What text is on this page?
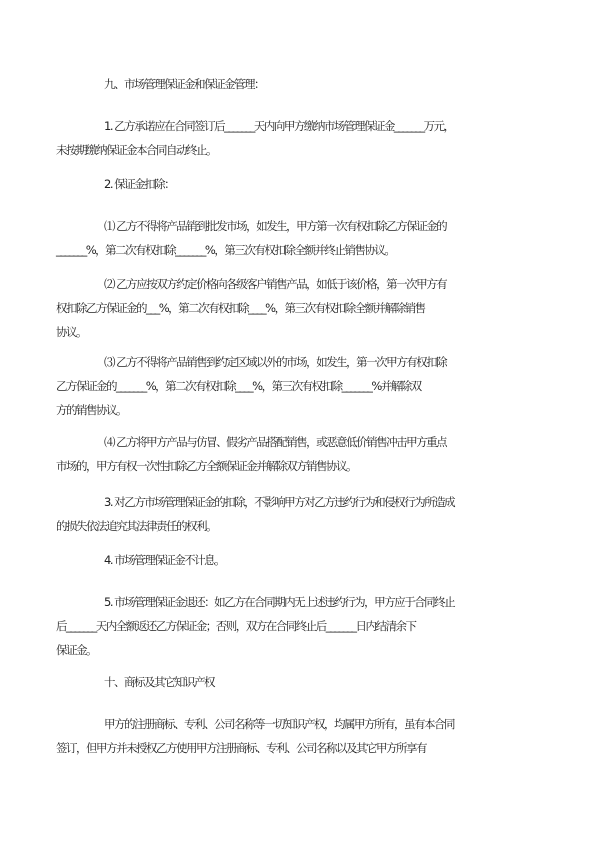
九、市场管理保证金和保证金管理：
1. 乙方承诺应在合同签订后_______天内向甲方缴纳市场管理保证金_______万元，
未按期缴纳保证金本合同自动终止。
2. 保证金扣除：
⑴ 乙方不得将产品销到批发市场，如发生，甲方第一次有权扣除乙方保证金的
_______%，第二次有权扣除_______%，第三次有权扣除全额并终止销售协议。
⑵ 乙方应按双方约定价格向各级客户销售产品，如低于该价格，第一次甲方有
权扣除乙方保证金的___%，第二次有权扣除____%，第三次有权扣除全额并解除销售
协议。
⑶ 乙方不得将产品销售到约定区域以外的市场，如发生，第一次甲方有权扣除
乙方保证金的_______%，第二次有权扣除____%，第三次有权扣除_______%并解除双
方的销售协议。
⑷ 乙方将甲方产品与仿冒、假劣产品搭配销售，或恶意低价销售冲击甲方重点
市场的，甲方有权一次性扣除乙方全额保证金并解除双方销售协议。
3. 对乙方市场管理保证金的扣除，不影响甲方对乙方违约行为和侵权行为所造成
的损失依法追究其法律责任的权利。
4. 市场管理保证金不计息。
5. 市场管理保证金退还：如乙方在合同期内无上述违约行为，甲方应于合同终止
后_______天内全额返还乙方保证金；否则，双方在合同终止后_______日内结清余下
保证金。
十、商标及其它知识产权
甲方的注册商标、专利、公司名称等一切知识产权，均属甲方所有，虽有本合同
签订，但甲方并未授权乙方使用甲方注册商标、专利、公司名称以及其它甲方所享有
